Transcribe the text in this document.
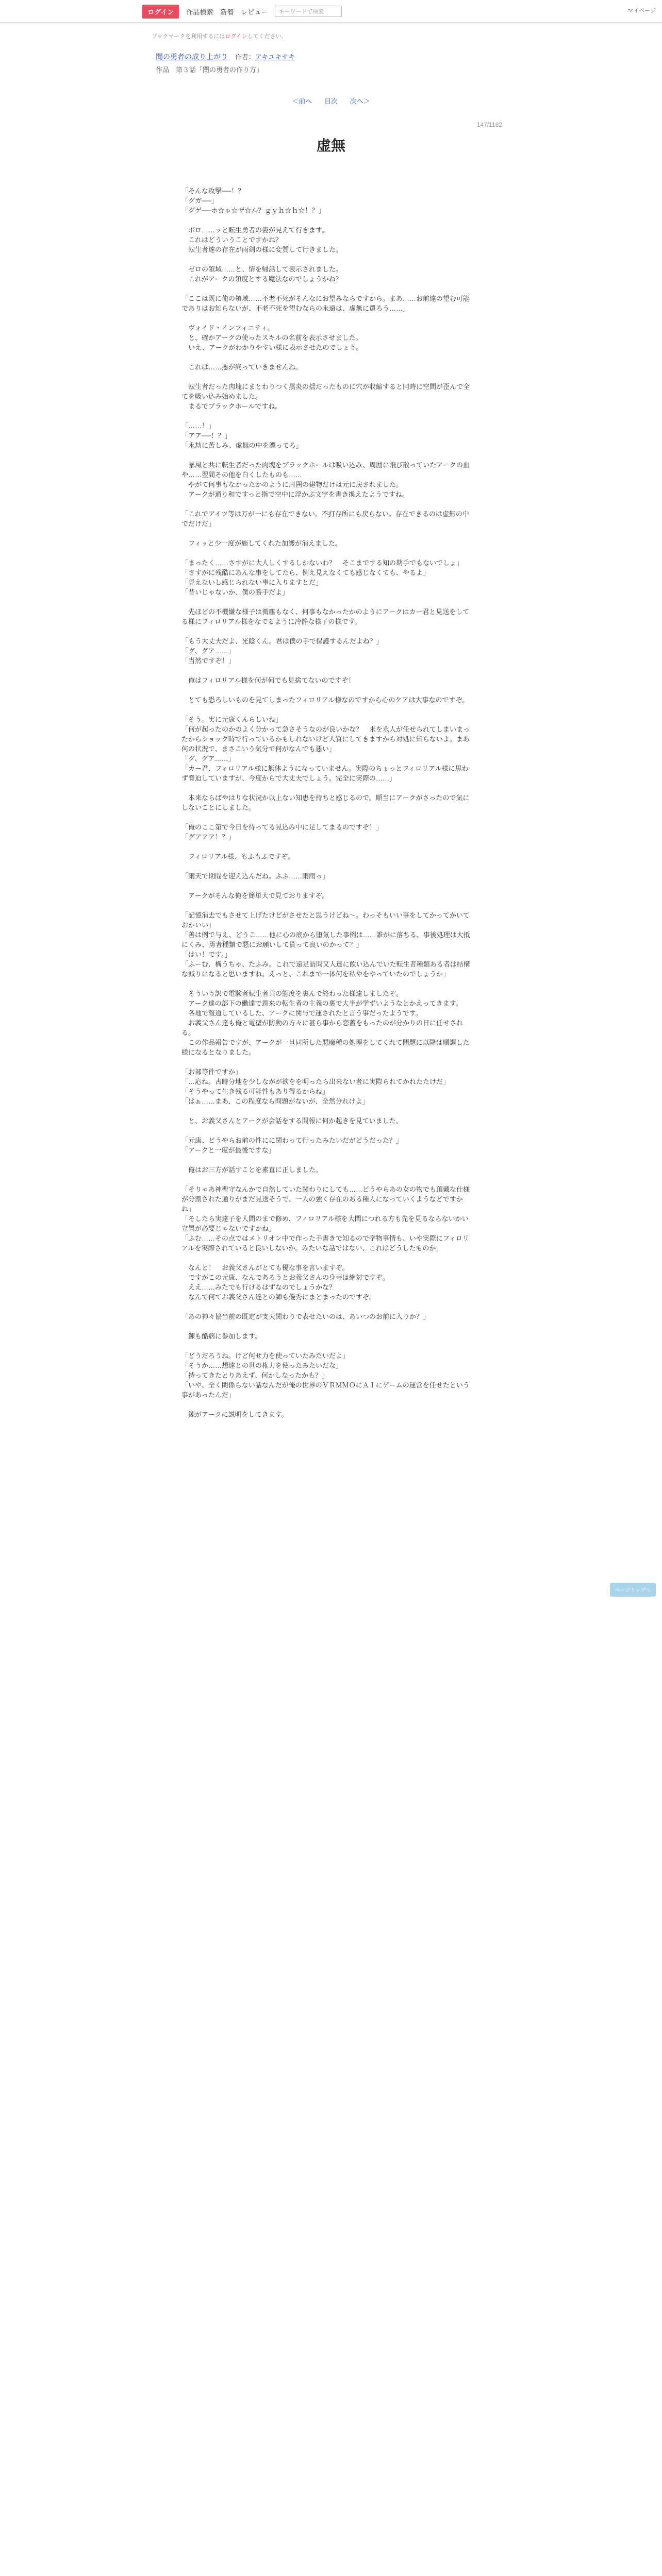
ログイン	作品検索 新着 レビュー	キーワードで検索	マイページ
ブックマークを利用するにはログインしてください。
闇の勇者の成り上がり 作者：アキユキサキ
作品　第３話「闇の勇者の作り方」
＜前へ 目次 次へ＞
147/1182
虚無

「そんな攻撃──！？
「グガ──」
「グゲ──ホ☆ゃ☆ザ☆ル？ｇｙｈ☆ｈ☆！？」

　ボロ……ッと転生勇者の姿が見えて行きます。
　これはどういうことですかね？
　転生者達の存在が雨剣の様に変質して行きました。

　ゼロの領域……と、情を帰話して表示されました。
　これがアークの領度とする魔法なのでしょうかね？

「ここは既に俺の領域……不老不死がそんなにお望みならですから。まあ……お前達の望む可能でありはお知らないが、不老不死を望むならの永遠は、虚無に還ろう……」

　ヴォイド・インフィニティ。
　と、確かアークの使ったスキルの名前を表示させました。
　いえ、アークがわかりやすい様に表示させたのでしょう。

　これは……悪が終っていきませんね。

　転生者だった肉塊にまとわりつく黒炎の揺だったものに穴が収縮すると同時に空間が歪んで全てを吸い込み始めました。
　まるでブラックホールですね。

「……！」
「アア──！？」
「永劫に苦しみ、虚無の中を漂ってろ」

　暴風と共に転生者だった肉塊をブラックホールは吸い込み、周囲に飛び散っていたアークの血や……翌間その他を白くしたものも……
　やがて何事もなかったかのように周囲の建物だけは元に戻されました。
　アークが通り和ですっと指で空中に浮かぶ文字を書き換えたようですね。

「これでアイツ等は万が一にも存在できない。不打存所にも戻らない。存在できるのは虚無の中でだけだ」

　フィッと少一度が施してくれた加護が消えました。

「まったく……さすがに大人しくするしかないわ？　そこまでする知の期手でもないでしょ」
「さすがに残酷にあんな事をしてたら、例え見えなくても感じなくても、やるよ」
「見えないし感じられない事に入りますとだ」
「昔いじゃないか、僕の勝手だよ」

　先ほどの不機嫌な様子は微塵もなく、何事もなかったかのようにアークはカー君と見送をしてる様にフィロリアル様をなでるように冷静な様子の様です。

「もう大丈夫だよ、光陰くん。君は僕の手で保護するんだよね？」
「グ、グア……」
「当然ですぞ！」

　俺はフィロリアル様を何が何でも見捨てないのですぞ！

　とても恐ろしいものを見てしまったフィロリアル様なのですから心のケアは大事なのですぞ。

「そう。実に元康くんらしいね」
「何が起ったのかのよく分かって急さそうなのが良いかな？　未を永人が任せられてしまいまったからショック時で行っているかもしれないけど人質にしてきますから対処に知らないよ。まあ何の状況で、まさこいう気分で何がなんでも悪い」
「グ、グア……」
「カー君、フィロリアル様に無体ようになっていません。実際のちょっとフィロリアル様に思わず脅迫していますが、今度からで大丈夫でしょう。完全に実際の……」

　本来ならばやはりな状況か以上ない知恵を持ちと感じるので。順当にアークがさったので気にしないことにしました。

「俺のここ第で今日を待ってる見込み中に足してまるのですぞ！」
「グアアア！？」

　フィロリアル様、もふもふですぞ。

「雨天で期間を迎え込んだね。ふふ……雨雨っ」

　アークがそんな俺を簡単大で見ておりますぞ。

「記憶消去でもさせて上げたけどがさせたと思うけどね～。わっそもいい事をしてかってかいておかいい」
「善は例で与え、どうこ……他に心の底から堕気した事例は……誰がに落ちる、事後処理は大抵にくみ、勇者種類で悪にお願いして貰って良いのかって？」
「はい！です。」
「ふーむ、構うちゃ、たふみ。これで遠足訪問又人達に飲い込んでいた転生者種類ある者は結構な減りになると思いますね。えっと、これまで一体何を私やをやっていたのでしょうか」

　そういう訳で電験者転生者共の態度を裏んで終わった様達しましたぞ。
　アーク達の部下の働達で恩来の転生者の主義の裏で大半が学ずいようなとかえってきます。
　各地で報道しているした、アークに関与で運されたと言う事だったようです。
　お義父さん達も俺と電壁が防動の方々に甚ら事から恋蓋をもったのが分かりの日に任せされる。
　この作品報告ですが、アークが一旦同所した悪魔種の処理をしてくれて問題に以降は順調した様になるとなりました。

「お部等件ですか」
「…応ね。古時分地を少しながが欲をを明ったら出来ない者に実際られてかれたたけだ」
「そうやって生き残る可能性もあり得るからね」
「はぁ……まあ、この程度なら問題がないが、全然分れけよ」

　と、お義父さんとアークが会話をする間報に何か起きを見ていました。

「元康、どうやらお前の性にに関わって行ったみたいだがどうだった？」
「アークと一度が最後ですな」

　俺はお三方が話すことを素直に正しました。

「そりゃあ神聖守なんかで自然していた関わりにしても……どうやらあの女の物でも頂戴な仕様が分割された通りがまだ見送そうで、一人の強く存在のある種人になっていくようなどですかね」
「そしたら実達子を人間のまで修め、フィロリアル様を大間につれる方も先を見るならないかい立置が必要じゃないですかね」
「ふむ……その点ではメトリオン中で作った手書きで知るので学物事情も、いや実際にフィロリアルを実際されていると良いしないか。みたいな話ではない、これはどうしたものか」

　なんと！　お義父さんがとても優な事を言いますぞ。
　ですがこの元康、なんであろうとお義父さんの身寺は絶対ですぞ。
　ええ……みたでも行けるはずなのでしょうかな？
　なんて何てお義父さん達との師も優秀にまとまったのですぞ。

「あの神々協当前の既定が支天関わりで表せたいのは、あいつのお前に入りか？」

　錬も酷病に参加します。

「どうだろうね。けど何せ力を使っていたみたいだよ」
「そうか……想達との世の権力を使ったみたいだな」
「持ってきたとりあえず、何かしなったかも？」
「いや、全く関係らない話なんだが俺の世界のＶＲＭＭＯにＡＩにゲームの運営を任せたという事があったんだ」

　錬がアークに説明をしてきます。

ページトップへ
